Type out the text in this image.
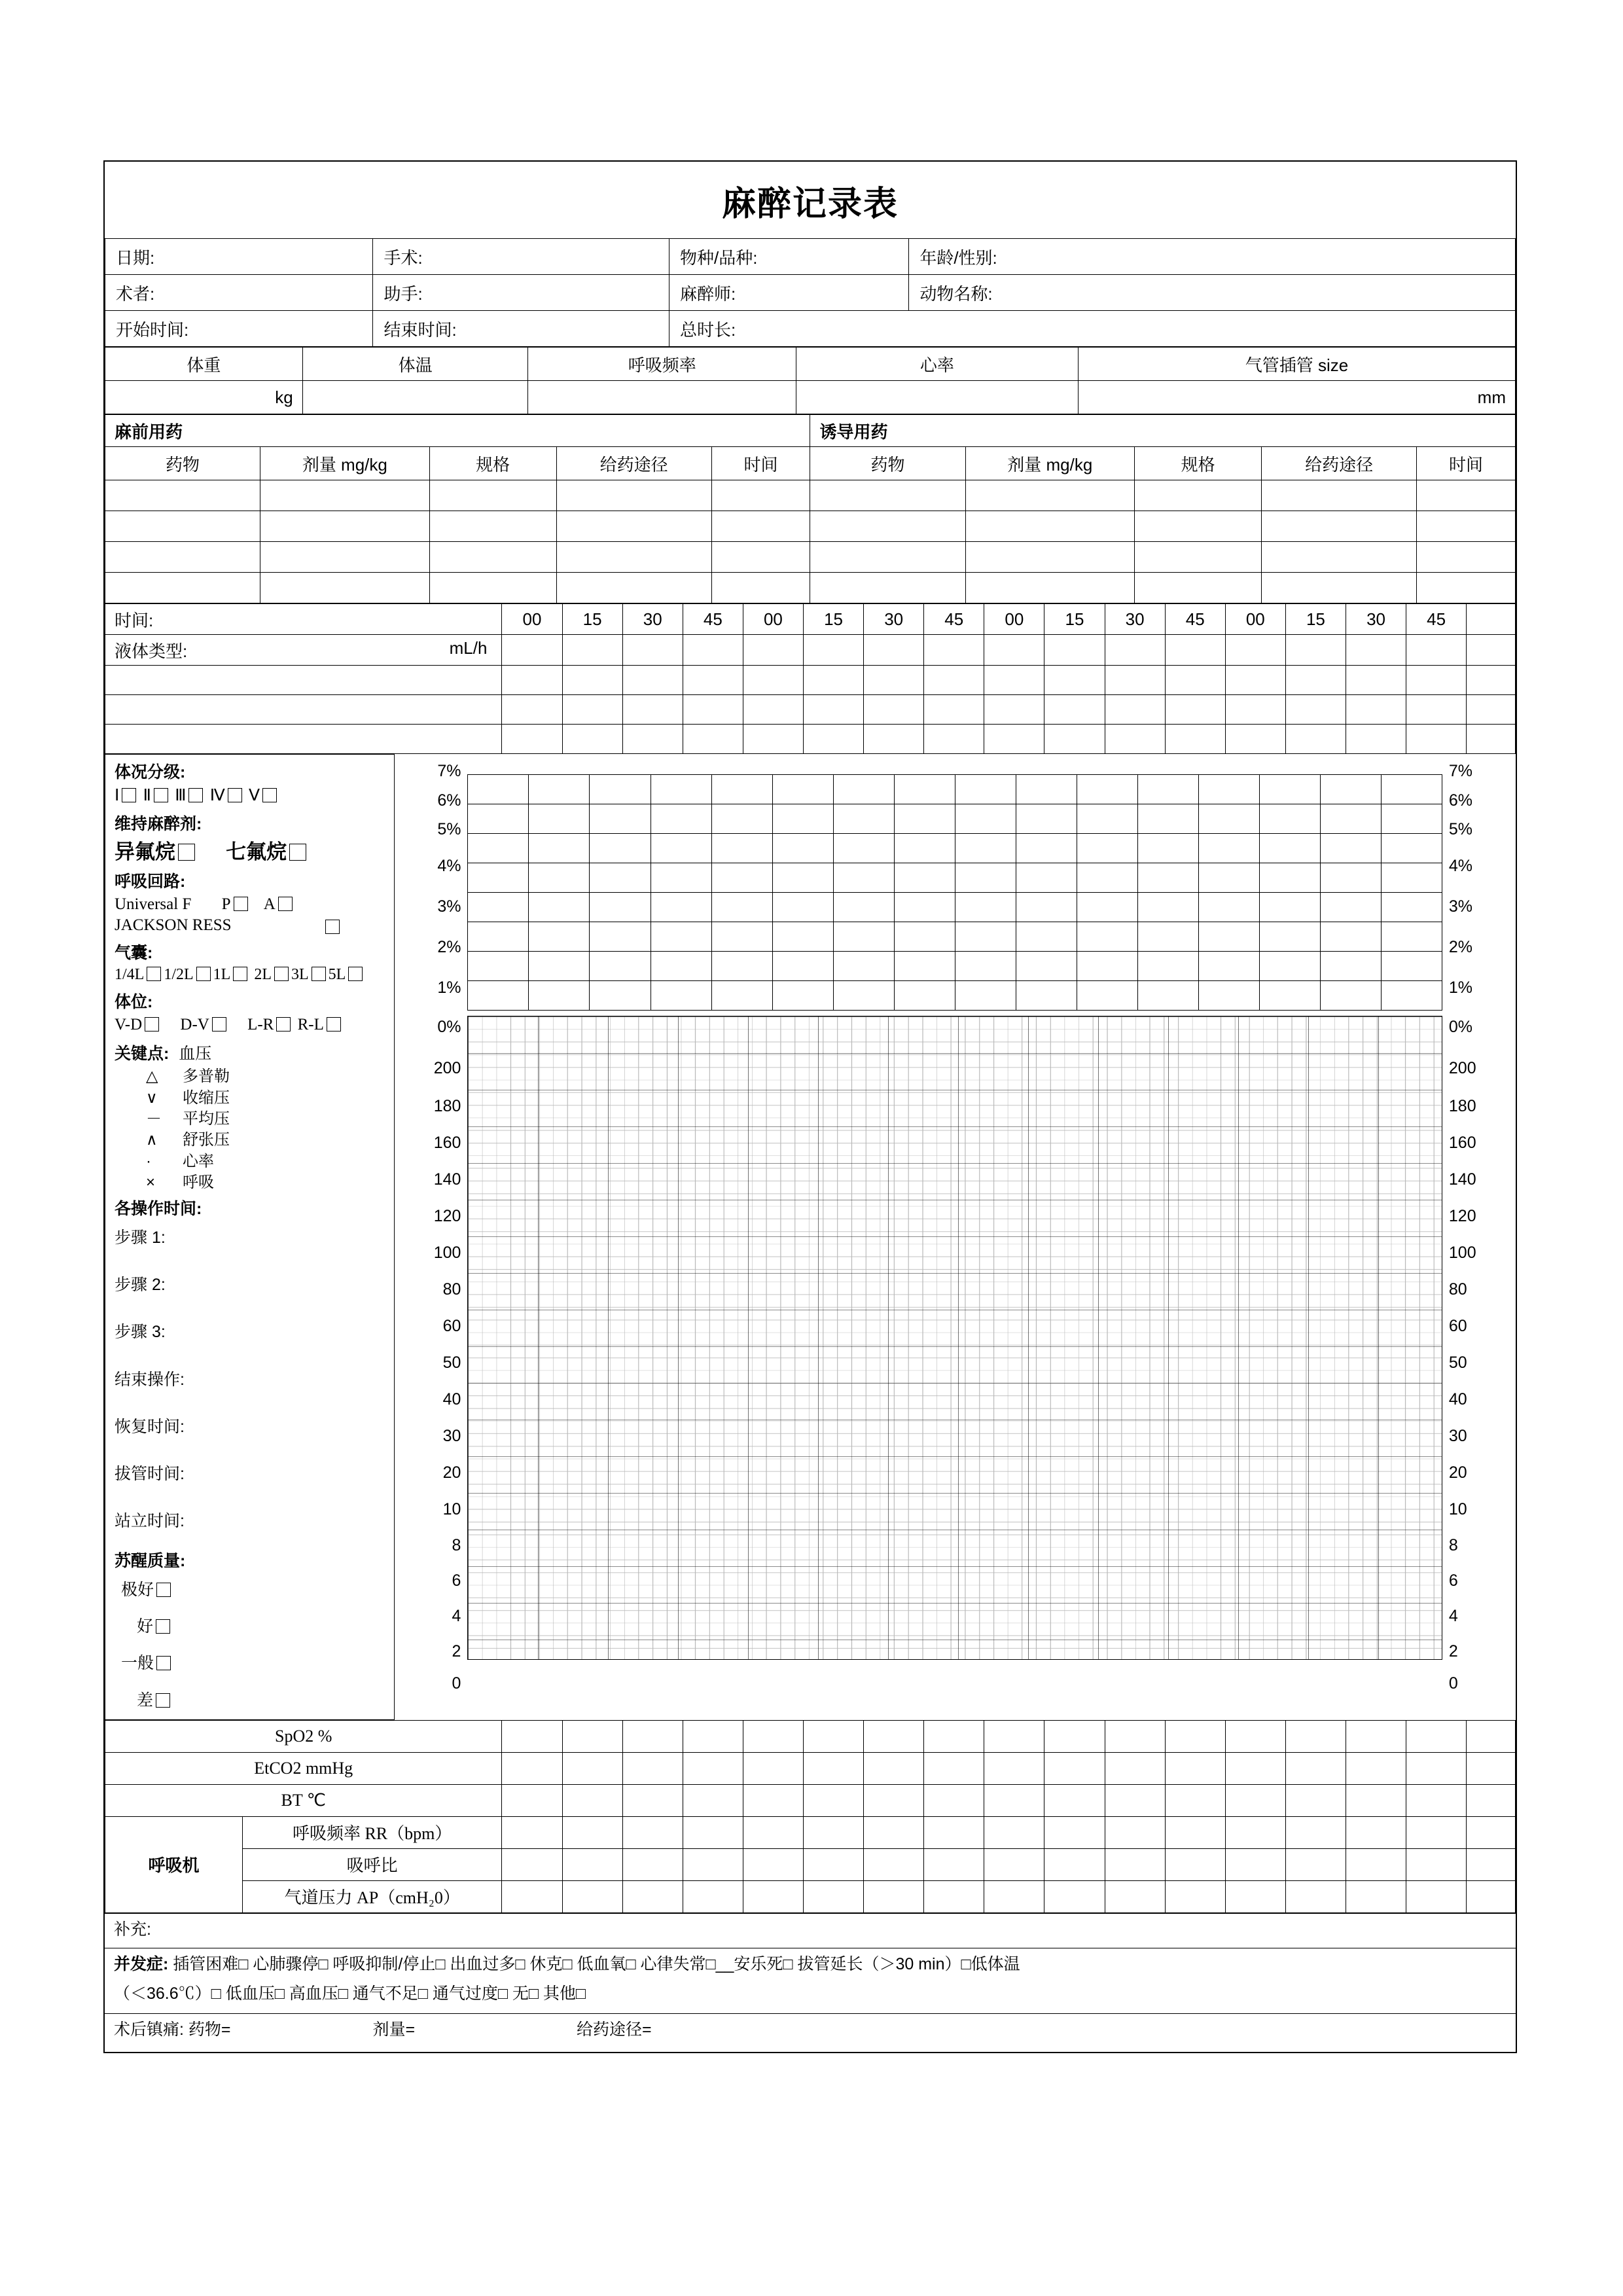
麻醉记录表
日期:	手术:	物种/品种:	年龄/性别:
术者:	助手:	麻醉师:	动物名称:
开始时间:	结束时间:	总时长:	
体重	体温	呼吸频率	心率	气管插管 size
kg				mm
麻前用药					诱导用药				
药物	剂量 mg/kg	规格	给药途径	时间	药物	剂量 mg/kg	规格	给药途径	时间

时间:	00	15	30	45	00	15	30	45	00	15	30	45	00	15	30	45	
液体类型: mL/h																	

体况分级:
Ⅰ Ⅱ Ⅲ Ⅳ Ⅴ
维持麻醉剂:
异氟烷 七氟烷
呼吸回路:
Universal F P A
JACKSON RESS
气囊:
1/4L 1/2L 1L 2L 3L 5L
体位:
V-D D-V L-R R-L
关键点: 血压
△ 多普勒
∨ 收缩压
－ 平均压
∧ 舒张压
· 心率
× 呼吸
各操作时间:
步骤 1:
步骤 2:
步骤 3:
结束操作:
恢复时间:
拔管时间:
站立时间:
苏醒质量:
极好
好
一般
差

7%
6%
5%
4%
3%
2%
1%
0%
200
180
160
140
120
100
80
60
50
40
30
20
10
8
6
4
2
0

7%
6%
5%
4%
3%
2%
1%
0%
200
180
160
140
120
100
80
60
50
40
30
20
10
8
6
4
2
0
SpO2 %																		
EtCO2 mmHg																		
BT ℃																		
呼吸机	呼吸频率 RR（bpm）																	
	吸呼比																	
	气道压力 AP（cmH₂0）																	
补充:
并发症: 插管困难□ 心肺骤停□ 呼吸抑制/停止□ 出血过多□ 休克□ 低血氧□ 心律失常□__安乐死□ 拔管延长（＞30 min）□低体温
（＜36.6℃）□ 低血压□ 高血压□ 通气不足□ 通气过度□ 无□ 其他□
术后镇痛: 药物=	剂量=	给药途径=
